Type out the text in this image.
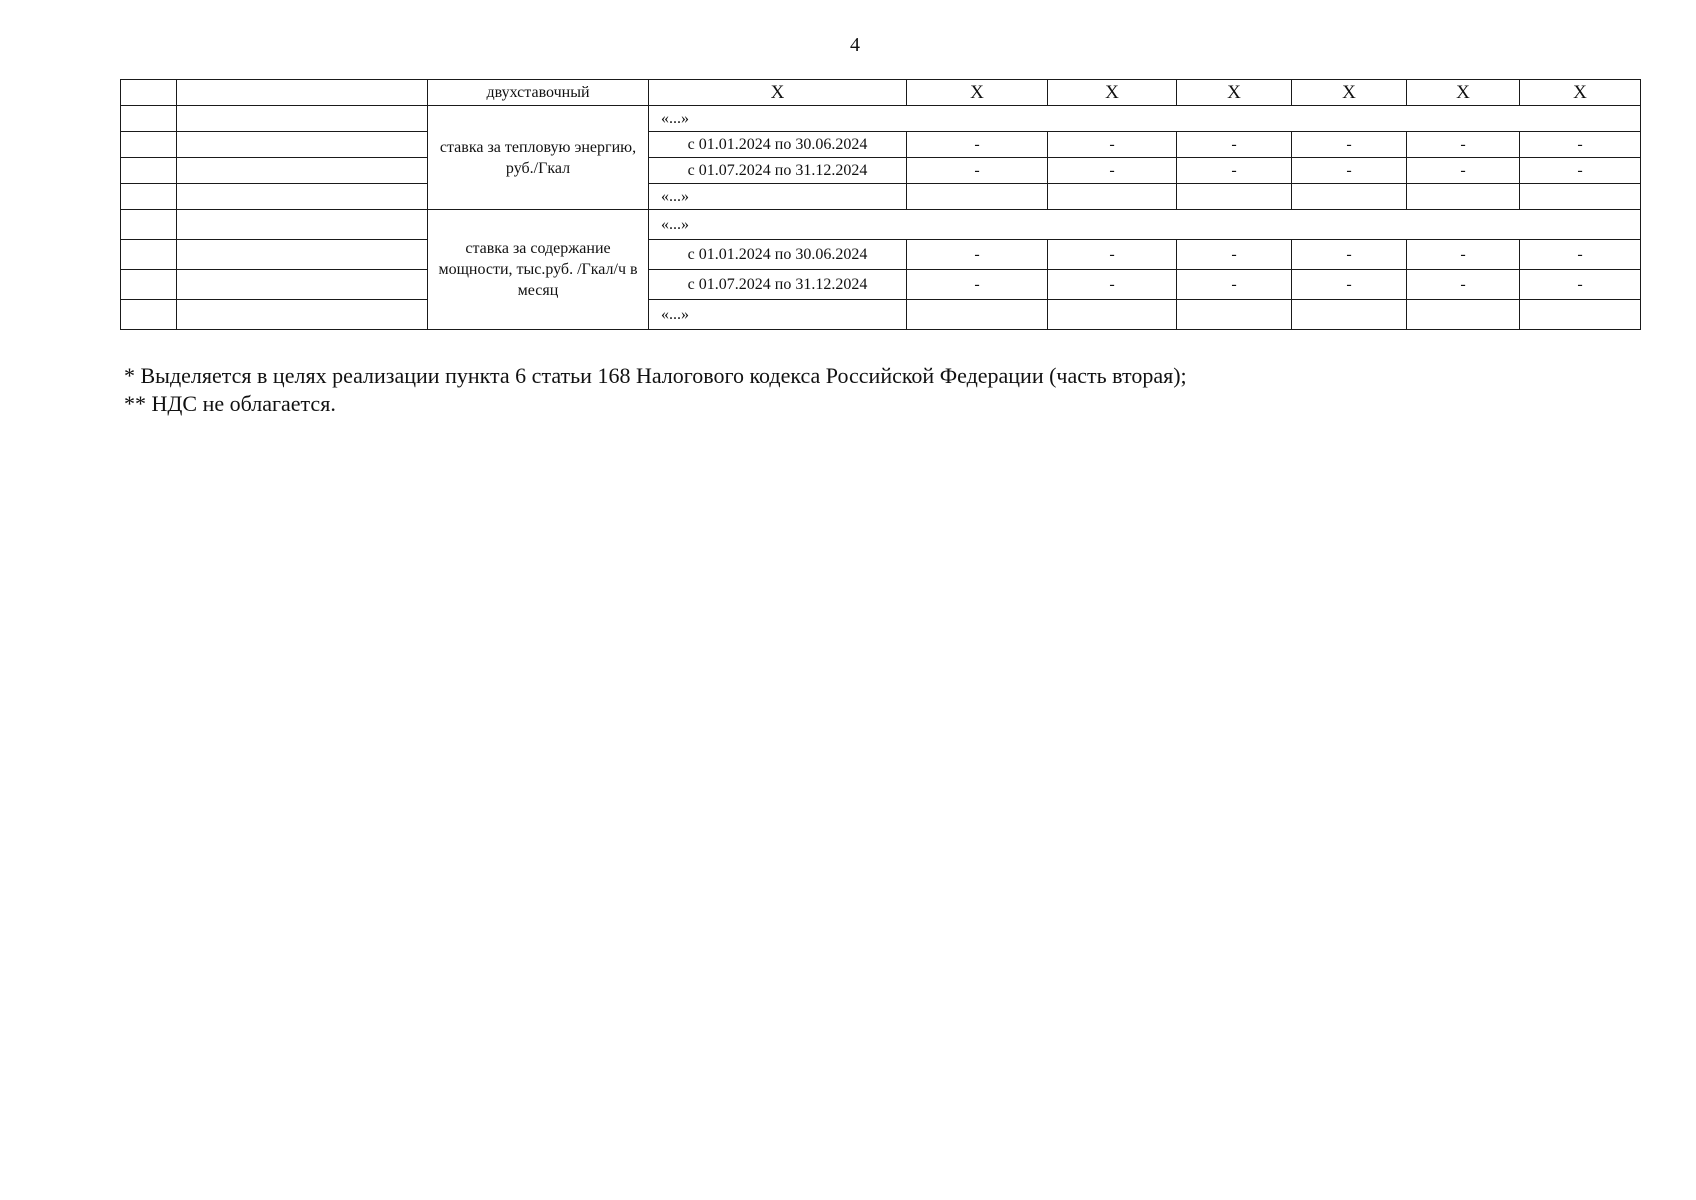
4
		двухставочный	X	X	X	X	X	X	X
		ставка за тепловую энергию, руб./Гкал	«...»						
			с 01.01.2024 по 30.06.2024	-	-	-	-	-	-
			с 01.07.2024 по 31.12.2024	-	-	-	-	-	-
			«...»						
		ставка за содержание мощности, тыс.руб. /Гкал/ч в месяц	«...»						
			с 01.01.2024 по 30.06.2024	-	-	-	-	-	-
			с 01.07.2024 по 31.12.2024	-	-	-	-	-	-
			«...»						
* Выделяется в целях реализации пункта 6 статьи 168 Налогового кодекса Российской Федерации (часть вторая);
** НДС не облагается.
